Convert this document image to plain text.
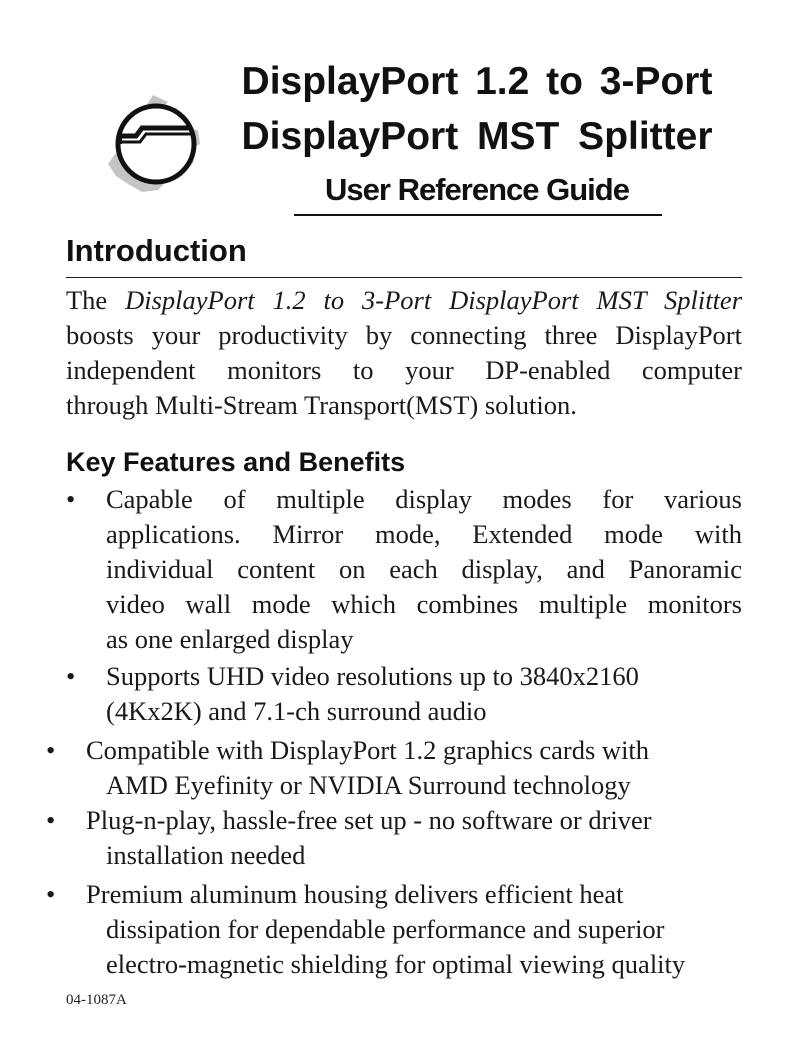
DisplayPort 1.2 to 3-Port
DisplayPort MST Splitter
User Reference Guide
Introduction
The DisplayPort 1.2 to 3-Port DisplayPort MST Splitter
boosts your productivity by connecting three DisplayPort
independent monitors to your DP-enabled computer
through Multi-Stream Transport(MST) solution.
Key Features and Benefits
•	Capable of multiple display modes for various
applications. Mirror mode, Extended mode with
individual content on each display, and Panoramic
video wall mode which combines multiple monitors
as one enlarged display
•	Supports UHD video resolutions up to 3840x2160
(4Kx2K) and 7.1-ch surround audio
•	Compatible with DisplayPort 1.2 graphics cards with
AMD Eyefinity or NVIDIA Surround technology
•	Plug-n-play, hassle-free set up - no software or driver
installation needed
•	Premium aluminum housing delivers efficient heat
dissipation for dependable performance and superior
electro-magnetic shielding for optimal viewing quality
04-1087A
